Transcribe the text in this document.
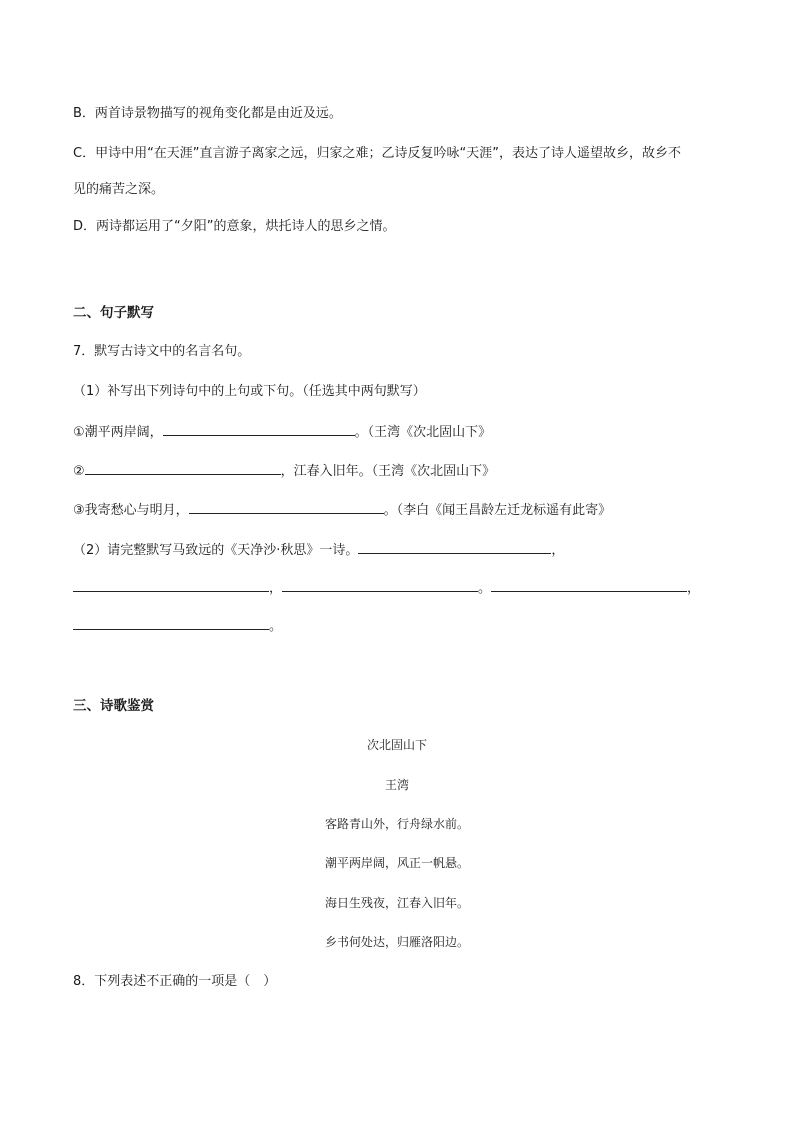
B．两首诗景物描写的视角变化都是由近及远。
C．甲诗中用“在天涯”直言游子离家之远，归家之难；乙诗反复吟咏“天涯”，表达了诗人遥望故乡，故乡不
见的痛苦之深。
D．两诗都运用了“夕阳”的意象，烘托诗人的思乡之情。
二、句子默写
7．默写古诗文中的名言名句。
（1）补写出下列诗句中的上句或下句。（任选其中两句默写）
①潮平两岸阔，	。（王湾《次北固山下》
②	，江春入旧年。（王湾《次北固山下》
③我寄愁心与明月，	。（李白《闻王昌龄左迁龙标遥有此寄》
（2）请完整默写马致远的《天净沙·秋思》一诗。	，
，	。	，
。
三、诗歌鉴赏
次北固山下
王湾
客路青山外，行舟绿水前。
潮平两岸阔，风正一帆悬。
海日生残夜，江春入旧年。
乡书何处达，归雁洛阳边。
8．下列表述不正确的一项是（　）
